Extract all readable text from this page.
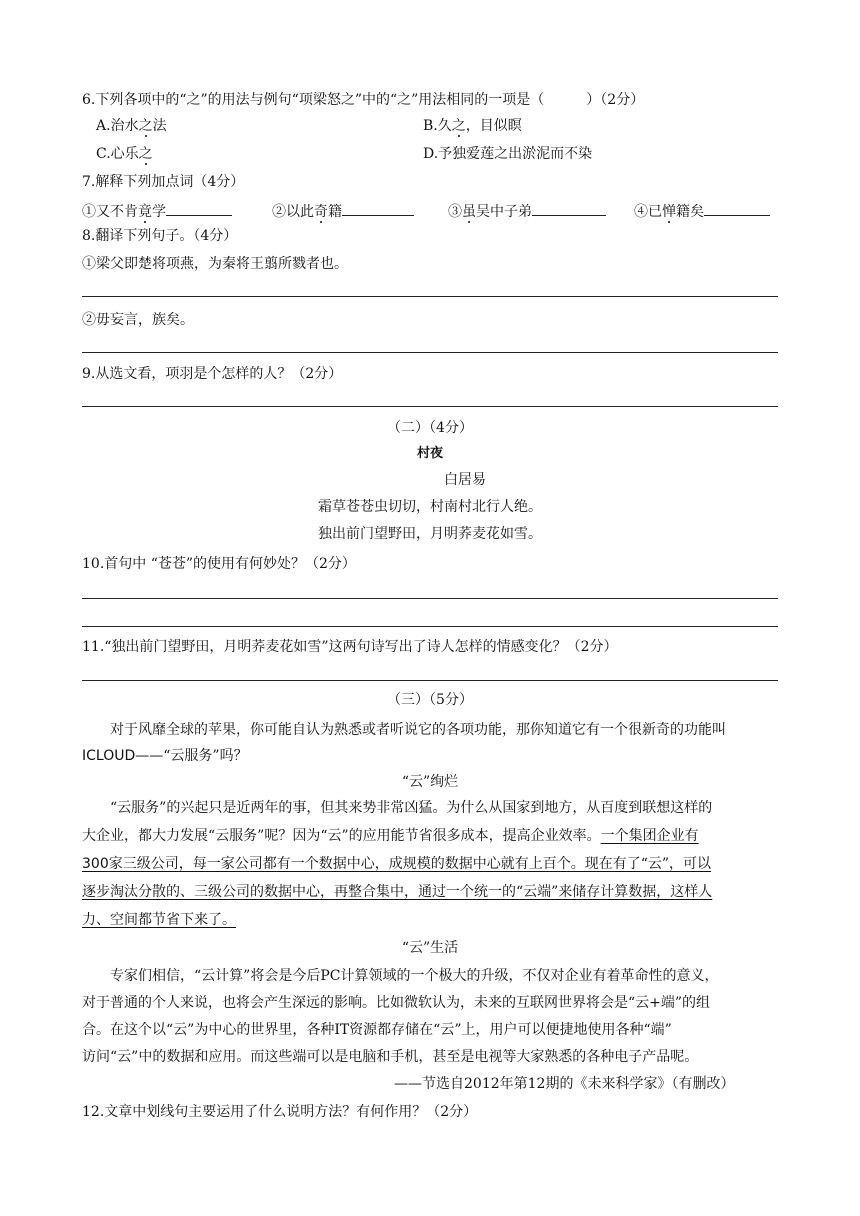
6.下列各项中的“之”的用法与例句“项梁怒之”中的“之”用法相同的一项是（　　　）（2分）
A.治水之法	B.久之，目似瞑
C.心乐之	D.予独爱莲之出淤泥而不染
7.解释下列加点词（4分）
①又不肯竟学	②以此奇籍	③虽吴中子弟	④已惮籍矣
8.翻译下列句子。（4分）
①梁父即楚将项燕，为秦将王翦所戮者也。
②毋妄言，族矣。
9.从选文看，项羽是个怎样的人？（2分）
（二）（4分）
村夜
白居易
霜草苍苍虫切切，村南村北行人绝。
独出前门望野田，月明荞麦花如雪。
10.首句中 “苍苍”的使用有何妙处？（2分）
11.“独出前门望野田，月明荞麦花如雪”这两句诗写出了诗人怎样的情感变化？（2分）
（三）（5分）
对于风靡全球的苹果，你可能自认为熟悉或者听说它的各项功能，那你知道它有一个很新奇的功能叫
ICLOUD——“云服务”吗？
“云”绚烂
“云服务”的兴起只是近两年的事，但其来势非常凶猛。为什么从国家到地方，从百度到联想这样的
大企业，都大力发展“云服务”呢？因为“云”的应用能节省很多成本，提高企业效率。一个集团企业有
300家三级公司，每一家公司都有一个数据中心，成规模的数据中心就有上百个。现在有了“云”，可以
逐步淘汰分散的、三级公司的数据中心，再整合集中，通过一个统一的“云端”来储存计算数据，这样人
力、空间都节省下来了。
“云”生活
专家们相信，“云计算”将会是今后PC计算领域的一个极大的升级，不仅对企业有着革命性的意义，
对于普通的个人来说，也将会产生深远的影响。比如微软认为，未来的互联网世界将会是“云+端”的组
合。在这个以“云”为中心的世界里，各种IT资源都存储在“云”上，用户可以便捷地使用各种“端”
访问“云”中的数据和应用。而这些端可以是电脑和手机，甚至是电视等大家熟悉的各种电子产品呢。
——节选自2012年第12期的《未来科学家》（有删改）
12.文章中划线句主要运用了什么说明方法？有何作用？（2分）
